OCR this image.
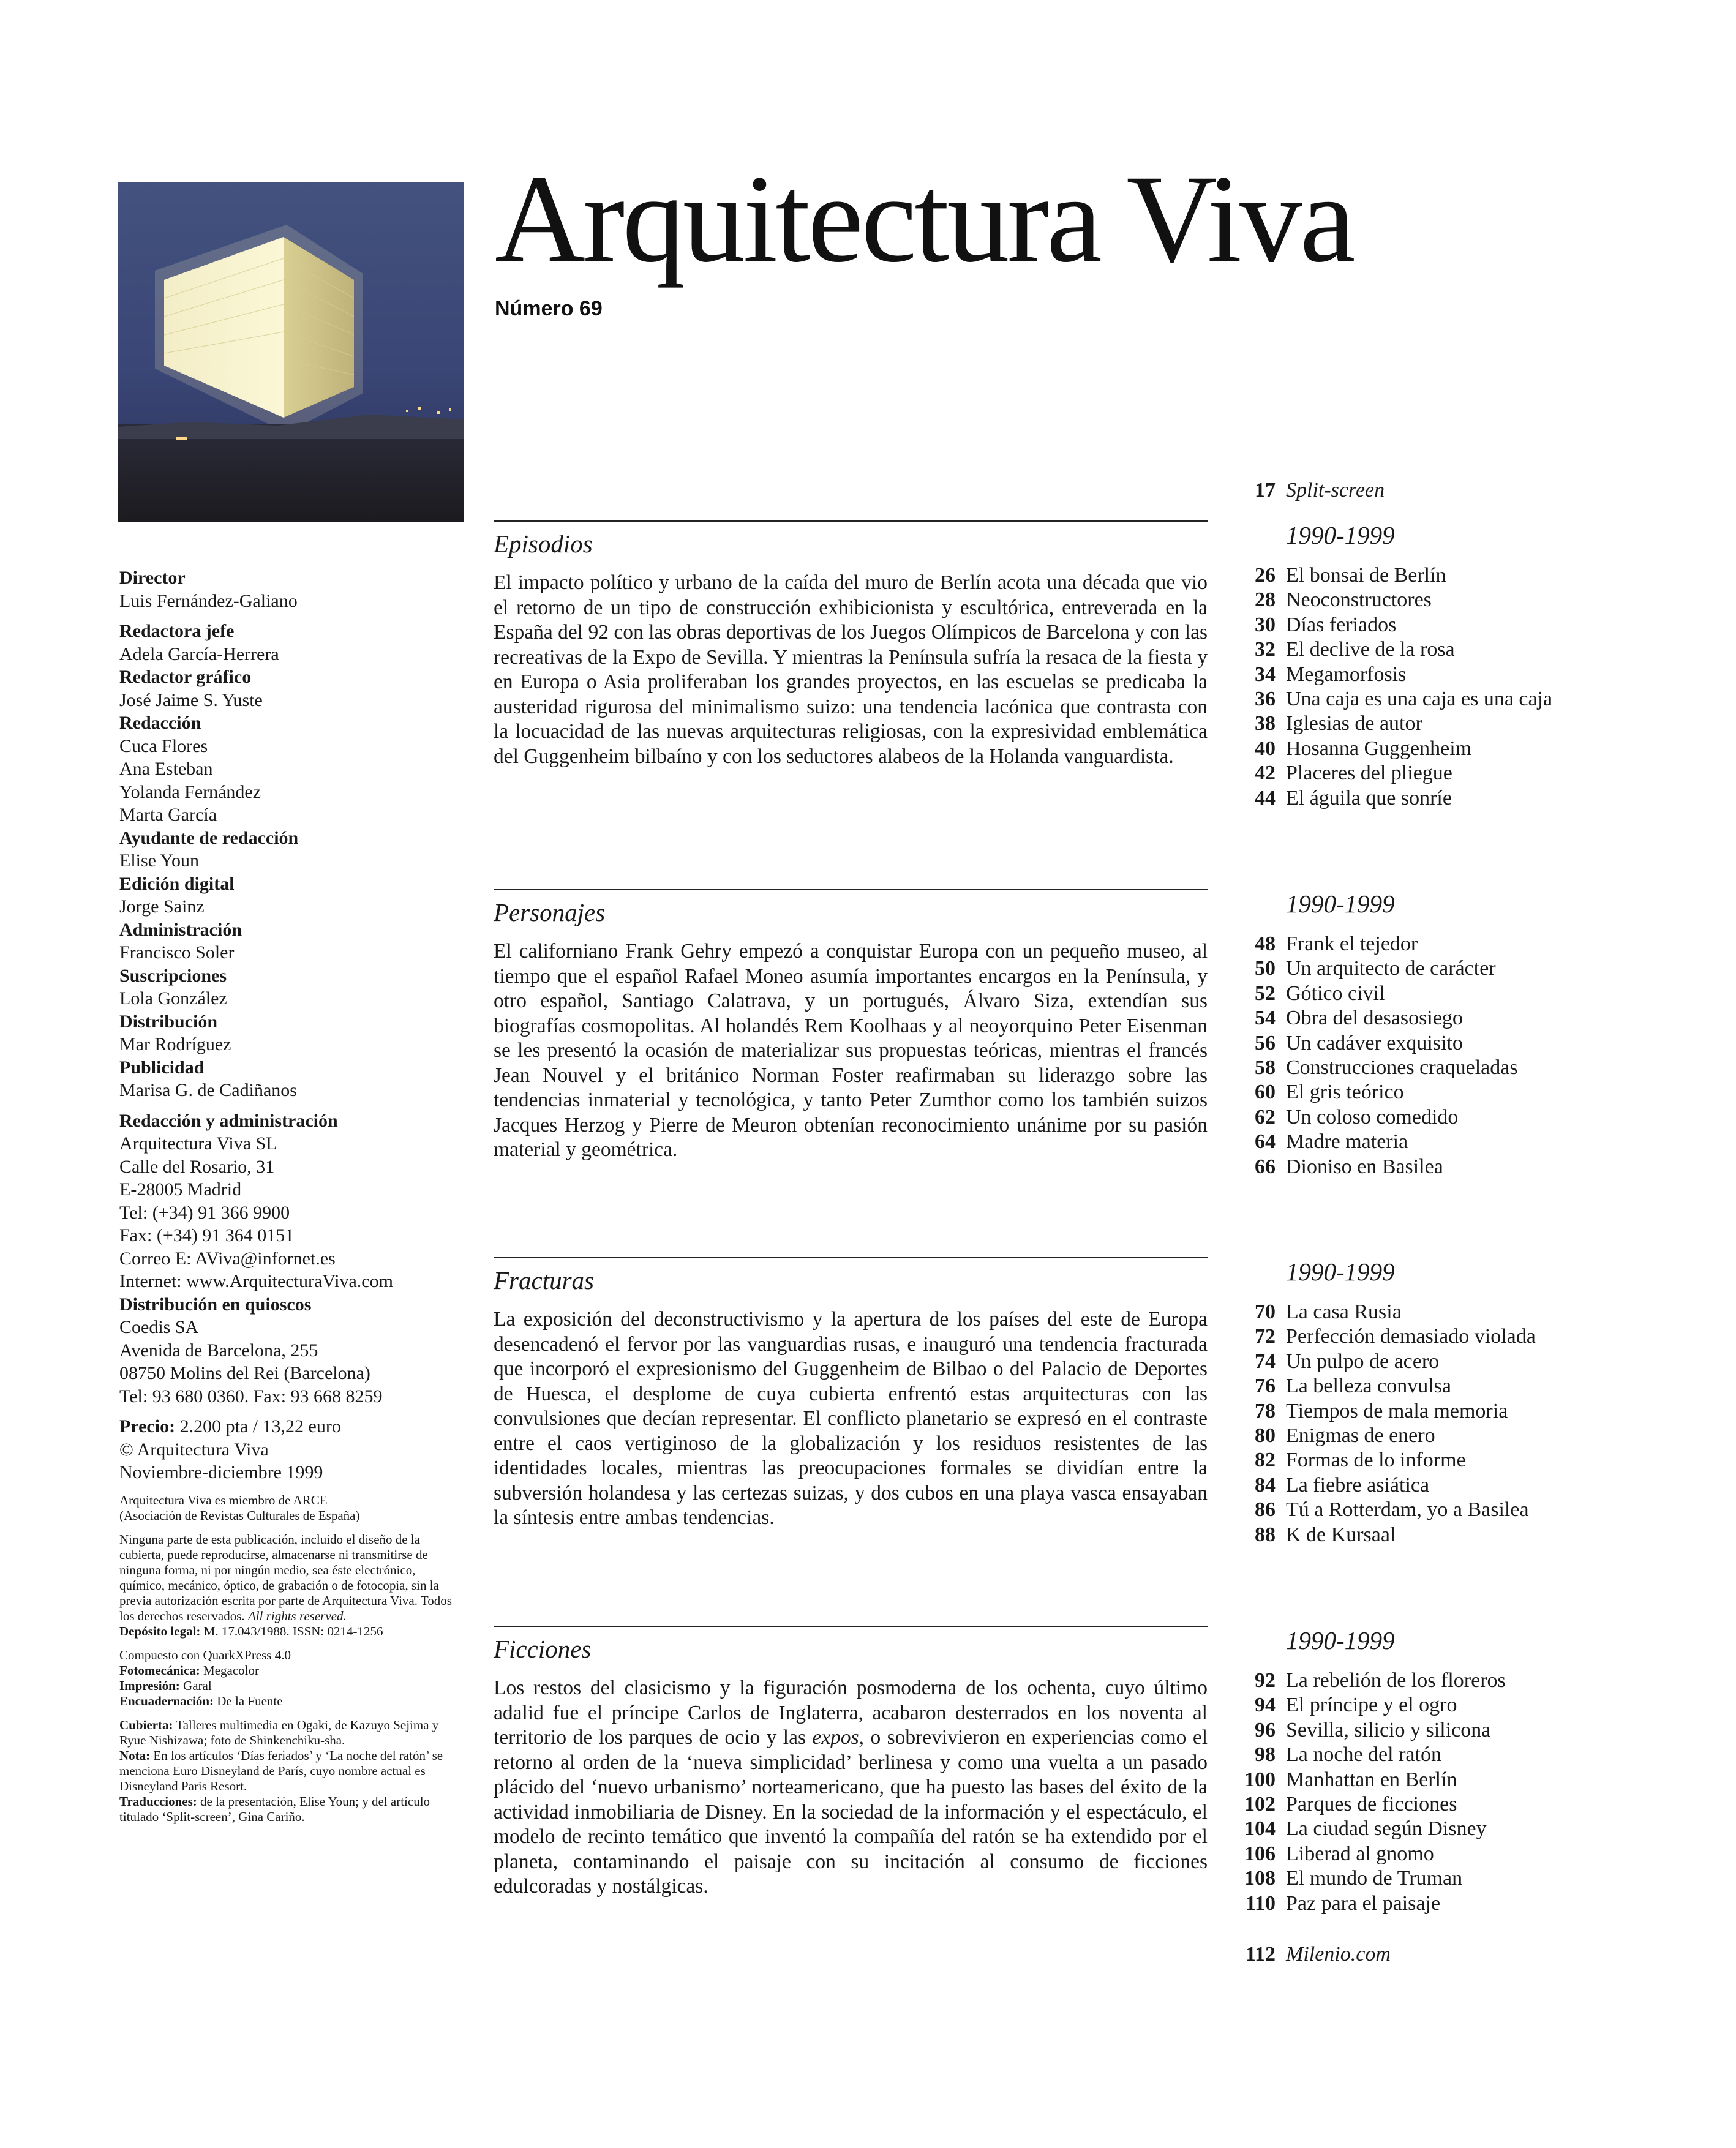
Arquitectura Viva
Número 69
Director
Luis Fernández-Galiano
Redactora jefe
Adela García-Herrera
Redactor gráfico
José Jaime S. Yuste
Redacción
Cuca Flores
Ana Esteban
Yolanda Fernández
Marta García
Ayudante de redacción
Elise Youn
Edición digital
Jorge Sainz
Administración
Francisco Soler
Suscripciones
Lola González
Distribución
Mar Rodríguez
Publicidad
Marisa G. de Cadiñanos
Redacción y administración
Arquitectura Viva SL
Calle del Rosario, 31
E-28005 Madrid
Tel: (+34) 91 366 9900
Fax: (+34) 91 364 0151
Correo E: AViva@infornet.es
Internet: www.ArquitecturaViva.com
Distribución en quioscos
Coedis SA
Avenida de Barcelona, 255
08750 Molins del Rei (Barcelona)
Tel: 93 680 0360. Fax: 93 668 8259
Precio: 2.200 pta / 13,22 euro
© Arquitectura Viva
Noviembre-diciembre 1999
Arquitectura Viva es miembro de ARCE
(Asociación de Revistas Culturales de España)
Ninguna parte de esta publicación, incluido el diseño de la cubierta, puede reproducirse, almacenarse ni transmitirse de ninguna forma, ni por ningún medio, sea éste electrónico, químico, mecánico, óptico, de grabación o de fotocopia, sin la previa autorización escrita por parte de Arquitectura Viva. Todos los derechos reservados. All rights reserved.
Depósito legal: M. 17.043/1988. ISSN: 0214-1256
Compuesto con QuarkXPress 4.0
Fotomecánica: Megacolor
Impresión: Garal
Encuadernación: De la Fuente
Cubierta: Talleres multimedia en Ogaki, de Kazuyo Sejima y Ryue Nishizawa; foto de Shinkenchiku-sha.
Nota: En los artículos ‘Días feriados’ y ‘La noche del ratón’ se menciona Euro Disneyland de París, cuyo nombre actual es Disneyland Paris Resort.
Traducciones: de la presentación, Elise Youn; y del artículo titulado ‘Split-screen’, Gina Cariño.
Episodios

El impacto político y urbano de la caída del muro de Berlín acota una década que vio el retorno de un tipo de construcción exhibicionista y escultórica, entreverada en la España del 92 con las obras deportivas de los Juegos Olímpicos de Barcelona y con las recreativas de la Expo de Sevilla. Y mientras la Península sufría la resaca de la fiesta y en Europa o Asia proliferaban los grandes proyectos, en las escuelas se predicaba la austeridad rigurosa del minimalismo suizo: una tendencia lacónica que contrasta con la locuacidad de las nuevas arquitecturas religiosas, con la expresividad emblemática del Guggenheim bilbaíno y con los seductores alabeos de la Holanda vanguardista.

Personajes

El californiano Frank Gehry empezó a conquistar Europa con un pequeño museo, al tiempo que el español Rafael Moneo asumía importantes encargos en la Península, y otro español, Santiago Calatrava, y un portugués, Álvaro Siza, extendían sus biografías cosmopolitas. Al holandés Rem Koolhaas y al neoyorquino Peter Eisenman se les presentó la ocasión de materializar sus propuestas teóricas, mientras el francés Jean Nouvel y el británico Norman Foster reafirmaban su liderazgo sobre las tendencias inmaterial y tecnológica, y tanto Peter Zumthor como los también suizos Jacques Herzog y Pierre de Meuron obtenían reconocimiento unánime por su pasión material y geométrica.

Fracturas

La exposición del deconstructivismo y la apertura de los países del este de Europa desencadenó el fervor por las vanguardias rusas, e inauguró una tendencia fracturada que incorporó el expresionismo del Guggenheim de Bilbao o del Palacio de Deportes de Huesca, el desplome de cuya cubierta enfrentó estas arquitecturas con las convulsiones que decían representar. El conflicto planetario se expresó en el contraste entre el caos vertiginoso de la globalización y los residuos resistentes de las identidades locales, mientras las preocupaciones formales se dividían entre la subversión holandesa y las certezas suizas, y dos cubos en una playa vasca ensayaban la síntesis entre ambas tendencias.

Ficciones

Los restos del clasicismo y la figuración posmoderna de los ochenta, cuyo último adalid fue el príncipe Carlos de Inglaterra, acabaron desterrados en los noventa al territorio de los parques de ocio y las expos, o sobrevivieron en experiencias como el retorno al orden de la ‘nueva simplicidad’ berlinesa y como una vuelta a un pasado plácido del ‘nuevo urbanismo’ norteamericano, que ha puesto las bases del éxito de la actividad inmobiliaria de Disney. En la sociedad de la información y el espectáculo, el modelo de recinto temático que inventó la compañía del ratón se ha extendido por el planeta, contaminando el paisaje con su incitación al consumo de ficciones edulcoradas y nostálgicas.

17 Split-screen
1990-1999
26 El bonsai de Berlín
28 Neoconstructores
30 Días feriados
32 El declive de la rosa
34 Megamorfosis
36 Una caja es una caja es una caja
38 Iglesias de autor
40 Hosanna Guggenheim
42 Placeres del pliegue
44 El águila que sonríe
1990-1999
48 Frank el tejedor
50 Un arquitecto de carácter
52 Gótico civil
54 Obra del desasosiego
56 Un cadáver exquisito
58 Construcciones craqueladas
60 El gris teórico
62 Un coloso comedido
64 Madre materia
66 Dioniso en Basilea
1990-1999
70 La casa Rusia
72 Perfección demasiado violada
74 Un pulpo de acero
76 La belleza convulsa
78 Tiempos de mala memoria
80 Enigmas de enero
82 Formas de lo informe
84 La fiebre asiática
86 Tú a Rotterdam, yo a Basilea
88 K de Kursaal
1990-1999
92 La rebelión de los floreros
94 El príncipe y el ogro
96 Sevilla, silicio y silicona
98 La noche del ratón
100 Manhattan en Berlín
102 Parques de ficciones
104 La ciudad según Disney
106 Liberad al gnomo
108 El mundo de Truman
110 Paz para el paisaje
112 Milenio.com
